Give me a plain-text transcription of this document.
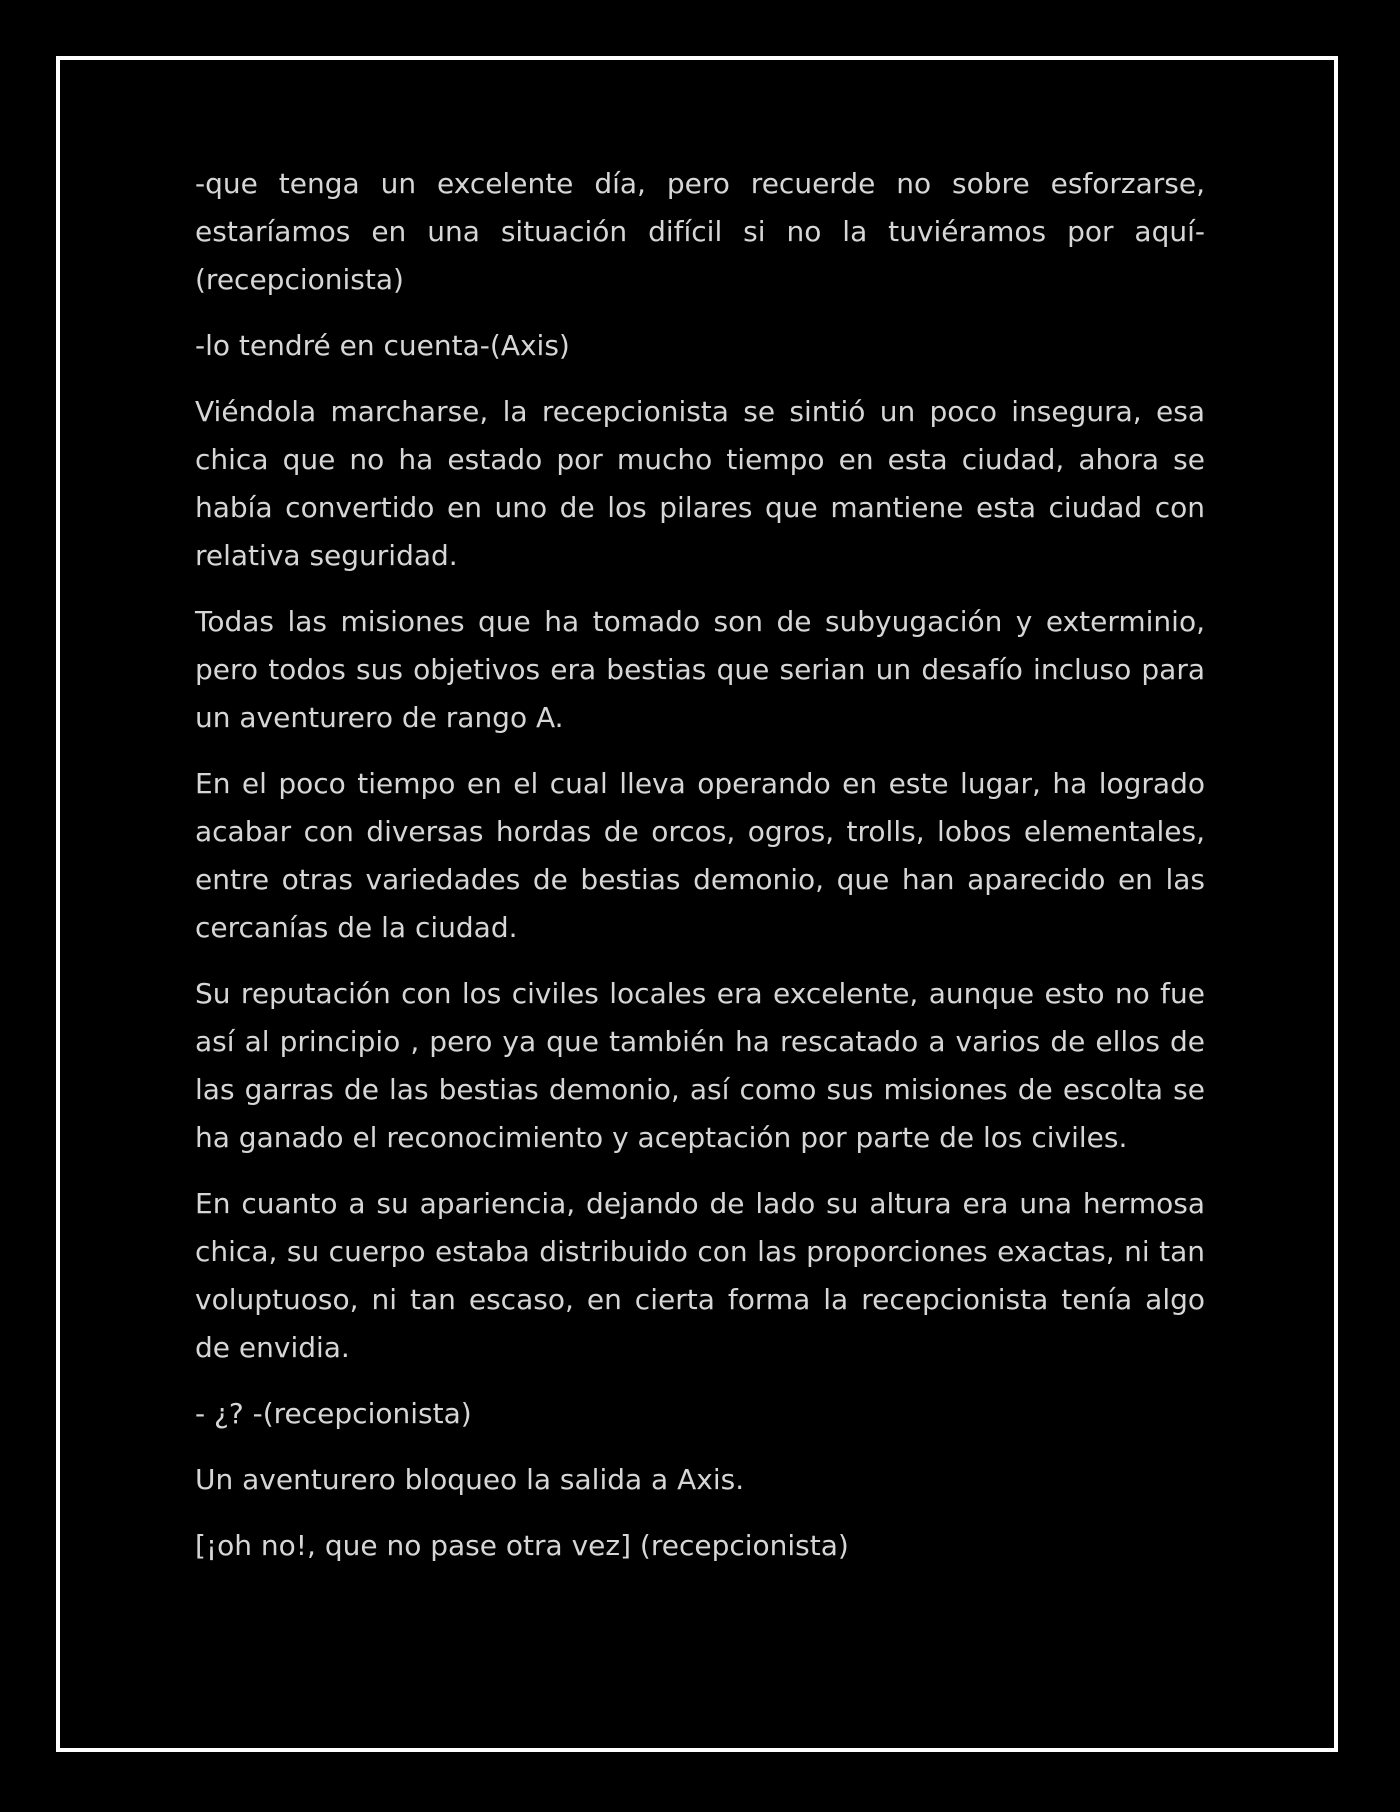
-que tenga un excelente día, pero recuerde no sobre esforzarse, estaríamos en una situación difícil si no la tuviéramos por aquí-(recepcionista)

-lo tendré en cuenta-(Axis)

Viéndola marcharse, la recepcionista se sintió un poco insegura, esa chica que no ha estado por mucho tiempo en esta ciudad, ahora se había convertido en uno de los pilares que mantiene esta ciudad con relativa seguridad.

Todas las misiones que ha tomado son de subyugación y exterminio, pero todos sus objetivos era bestias que serian un desafío incluso para un aventurero de rango A.

En el poco tiempo en el cual lleva operando en este lugar, ha logrado acabar con diversas hordas de orcos, ogros, trolls, lobos elementales, entre otras variedades de bestias demonio, que han aparecido en las cercanías de la ciudad.

Su reputación con los civiles locales era excelente, aunque esto no fue así al principio , pero ya que también ha rescatado a varios de ellos de las garras de las bestias demonio, así como sus misiones de escolta se ha ganado el reconocimiento y aceptación por parte de los civiles.

En cuanto a su apariencia, dejando de lado su altura era una hermosa chica, su cuerpo estaba distribuido con las proporciones exactas, ni tan voluptuoso, ni tan escaso, en cierta forma la recepcionista tenía algo de envidia.

- ¿? -(recepcionista)

Un aventurero bloqueo la salida a Axis.

[¡oh no!, que no pase otra vez] (recepcionista)
